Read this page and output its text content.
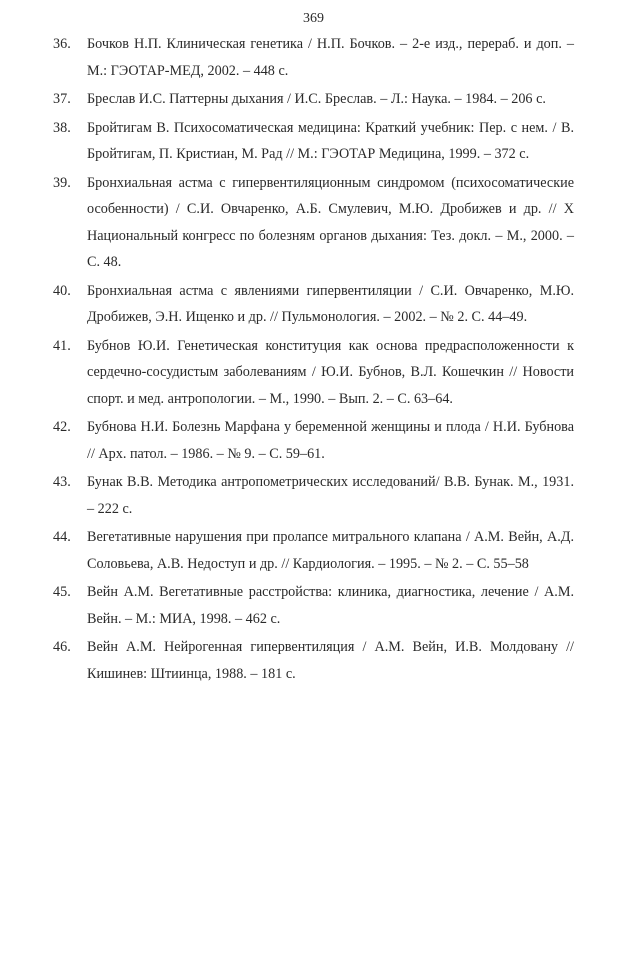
369
36. Бочков Н.П. Клиническая генетика / Н.П. Бочков. – 2-е изд., перераб. и доп. – М.: ГЭОТАР-МЕД, 2002. – 448 с.
37. Бреслав И.С. Паттерны дыхания / И.С. Бреслав. – Л.: Наука. – 1984. – 206 с.
38. Бройтигам В. Психосоматическая медицина: Краткий учебник: Пер. с нем. / В. Бройтигам, П. Кристиан, М. Рад // М.: ГЭОТАР Медицина, 1999. – 372 с.
39. Бронхиальная астма с гипервентиляционным синдромом (психосоматические особенности) / С.И. Овчаренко, А.Б. Смулевич, М.Ю. Дробижев и др. // X Национальный конгресс по болезням органов дыхания: Тез. докл. – М., 2000. – С. 48.
40. Бронхиальная астма с явлениями гипервентиляции / С.И. Овчаренко, М.Ю. Дробижев, Э.Н. Ищенко и др. // Пульмонология. – 2002. – № 2. С. 44–49.
41. Бубнов Ю.И. Генетическая конституция как основа предрасположенности к сердечно-сосудистым заболеваниям / Ю.И. Бубнов, В.Л. Кошечкин // Новости спорт. и мед. антропологии. – М., 1990. – Вып. 2. – С. 63–64.
42. Бубнова Н.И. Болезнь Марфана у беременной женщины и плода / Н.И. Бубнова // Арх. патол. – 1986. – № 9. – С. 59–61.
43. Бунак В.В. Методика антропометрических исследований/ В.В. Бунак. М., 1931. – 222 с.
44. Вегетативные нарушения при пролапсе митрального клапана / А.М. Вейн, А.Д. Соловьева, А.В. Недоступ и др. // Кардиология. – 1995. – № 2. – С. 55–58
45. Вейн А.М. Вегетативные расстройства: клиника, диагностика, лечение / А.М. Вейн. – М.: МИА, 1998. – 462 с.
46. Вейн А.М. Нейрогенная гипервентиляция / А.М. Вейн, И.В. Молдовану // Кишинев: Штиинца, 1988. – 181 с.
